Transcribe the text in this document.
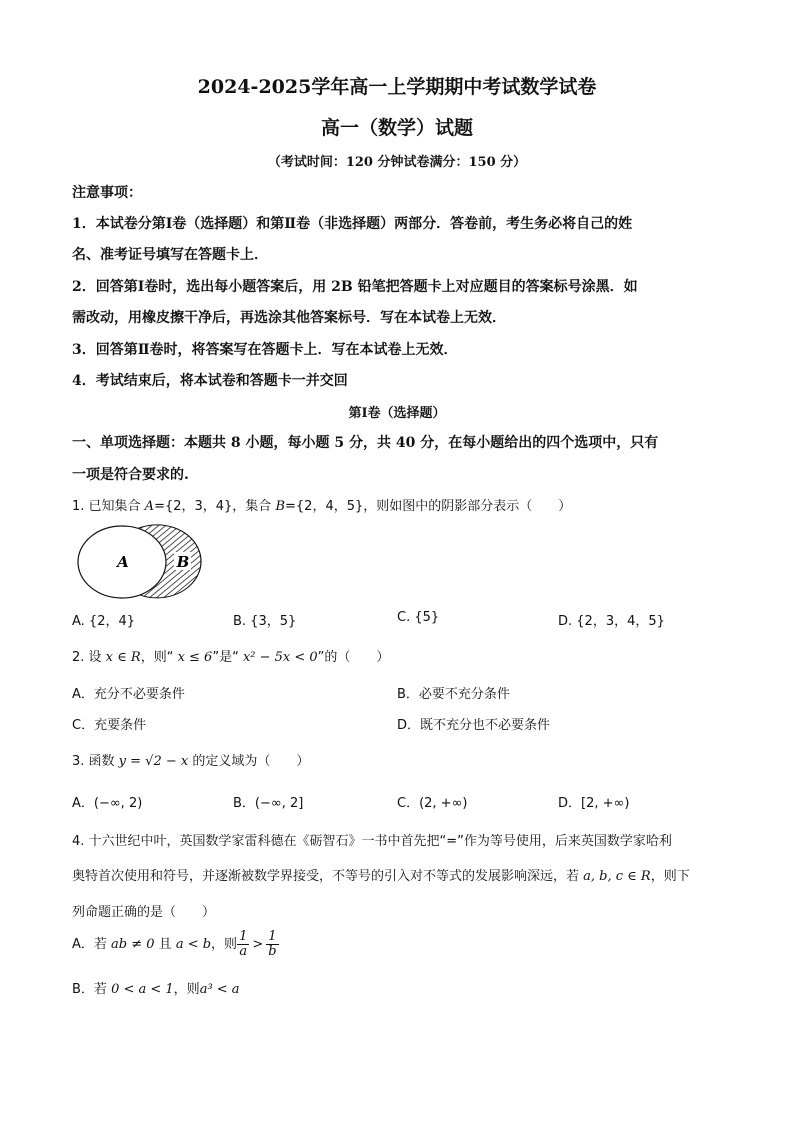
2024-2025学年高一上学期期中考试数学试卷
高一（数学）试题
（考试时间：120 分钟试卷满分：150 分）
注意事项：
1．本试卷分第Ⅰ卷（选择题）和第Ⅱ卷（非选择题）两部分．答卷前，考生务必将自己的姓
名、准考证号填写在答题卡上．
2．回答第Ⅰ卷时，选出每小题答案后，用 2B 铅笔把答题卡上对应题目的答案标号涂黑．如
需改动，用橡皮擦干净后，再选涂其他答案标号．写在本试卷上无效．
3．回答第Ⅱ卷时，将答案写在答题卡上．写在本试卷上无效．
4．考试结束后，将本试卷和答题卡一并交回
第Ⅰ卷（选择题）
一、单项选择题：本题共 8 小题，每小题 5 分，共 40 分，在每小题给出的四个选项中，只有
一项是符合要求的.
1. 已知集合 A={2，3，4}，集合 B={2，4，5}，则如图中的阴影部分表示（　　）
A	B
A. {2，4}	B. {3，5}	C. {5}	D. {2，3，4，5}
2. 设 x ∈ R，则“ x ≤ 6”是“ x² − 5x < 0”的（　　）
A．充分不必要条件	B．必要不充分条件
C．充要条件	D．既不充分也不必要条件
3. 函数 y = √2 − x 的定义域为（　　）
A．(−∞, 2)	B．(−∞, 2]	C．(2, +∞)	D．[2, +∞)
4. 十六世纪中叶，英国数学家雷科德在《砺智石》一书中首先把“=”作为等号使用，后来英国数学家哈利
奥特首次使用和符号，并逐渐被数学界接受，不等号的引入对不等式的发展影响深远，若 a, b, c ∈ R，则下
列命题正确的是（　　）
A．若 ab ≠ 0 且 a < b，则 $\frac{1}{a} > \frac{1}{b}$
B．若 0 < a < 1，则a³ < a
